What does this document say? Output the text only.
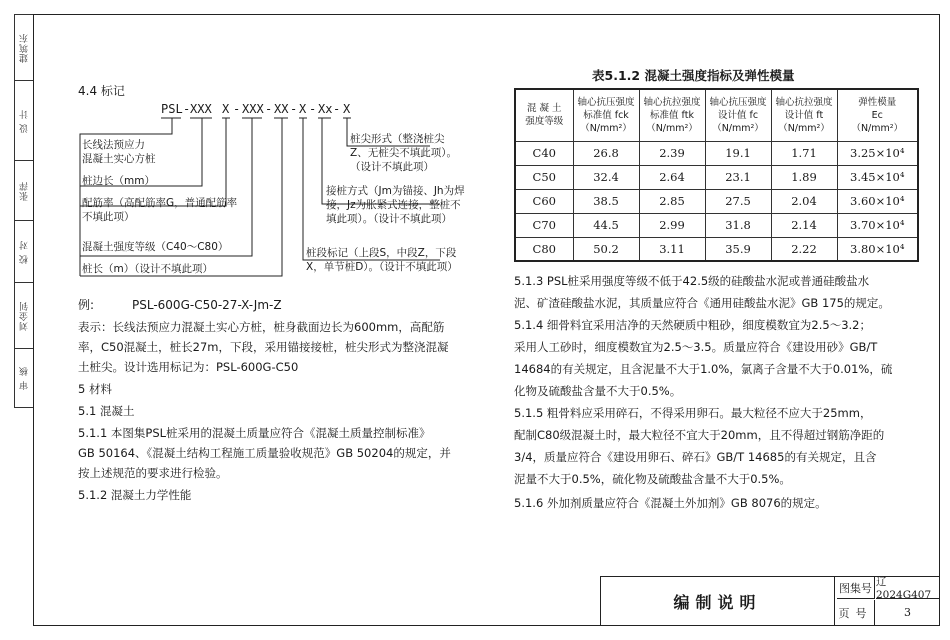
建筑东
设 计
张萍
校 对
刘金钊
审 核
4.4 标记
PSL - XXX X - XXX - XX - X - Xx - X
长线法预应力
混凝土实心方桩
桩边长（mm）
配筋率（高配筋率G，普通配筋率
不填此项）
混凝土强度等级（C40～C80）
桩长（m）（设计不填此项）
桩尖形式（整浇桩尖
Z、无桩尖不填此项）。
（设计不填此项）
接桩方式（Jm为锚接、Jh为焊
接，Jz为胀紧式连接，整桩不
填此项）。（设计不填此项）
桩段标记（上段S，中段Z，下段
X，单节桩D）。（设计不填此项）
例:	PSL-600G-C50-27-X-Jm-Z
表示：长线法预应力混凝土实心方桩，桩身截面边长为600mm，高配筋
率，C50混凝土，桩长27m，下段，采用锚接接桩，桩尖形式为整浇混凝
土桩尖。设计选用标记为：PSL-600G-C50
5 材料
5.1 混凝土
5.1.1 本图集PSL桩采用的混凝土质量应符合《混凝土质量控制标准》
GB 50164、《混凝土结构工程施工质量验收规范》GB 50204的规定，并
按上述规范的要求进行检验。
5.1.2 混凝土力学性能
表5.1.2 混凝土强度指标及弹性模量
混 凝 土
强度等级	轴心抗压强度
标准值 fck
（N/mm²）	轴心抗拉强度
标准值 ftk
（N/mm²）	轴心抗压强度
设计值 fc
（N/mm²）	轴心抗拉强度
设计值 ft
（N/mm²）	弹性模量
Ec
（N/mm²）

C40	26.8	2.39	19.1	1.71	3.25×10⁴
C50	32.4	2.64	23.1	1.89	3.45×10⁴
C60	38.5	2.85	27.5	2.04	3.60×10⁴
C70	44.5	2.99	31.8	2.14	3.70×10⁴
C80	50.2	3.11	35.9	2.22	3.80×10⁴
5.1.3 PSL桩采用强度等级不低于42.5级的硅酸盐水泥或普通硅酸盐水
泥、矿渣硅酸盐水泥，其质量应符合《通用硅酸盐水泥》GB 175的规定。
5.1.4 细骨料宜采用洁净的天然硬质中粗砂，细度模数宜为2.5～3.2；
采用人工砂时，细度模数宜为2.5～3.5。质量应符合《建设用砂》GB/T
14684的有关规定，且含泥量不大于1.0%，氯离子含量不大于0.01%，硫
化物及硫酸盐含量不大于0.5%。
5.1.5 粗骨料应采用碎石，不得采用卵石。最大粒径不应大于25mm，
配制C80级混凝土时，最大粒径不宜大于20mm，且不得超过钢筋净距的
3/4，质量应符合《建设用卵石、碎石》GB/T 14685的有关规定，且含
泥量不大于0.5%，硫化物及硫酸盐含量不大于0.5%。
5.1.6 外加剂质量应符合《混凝土外加剂》GB 8076的规定。
编制说明
图集号 辽2024G407
页号	3
